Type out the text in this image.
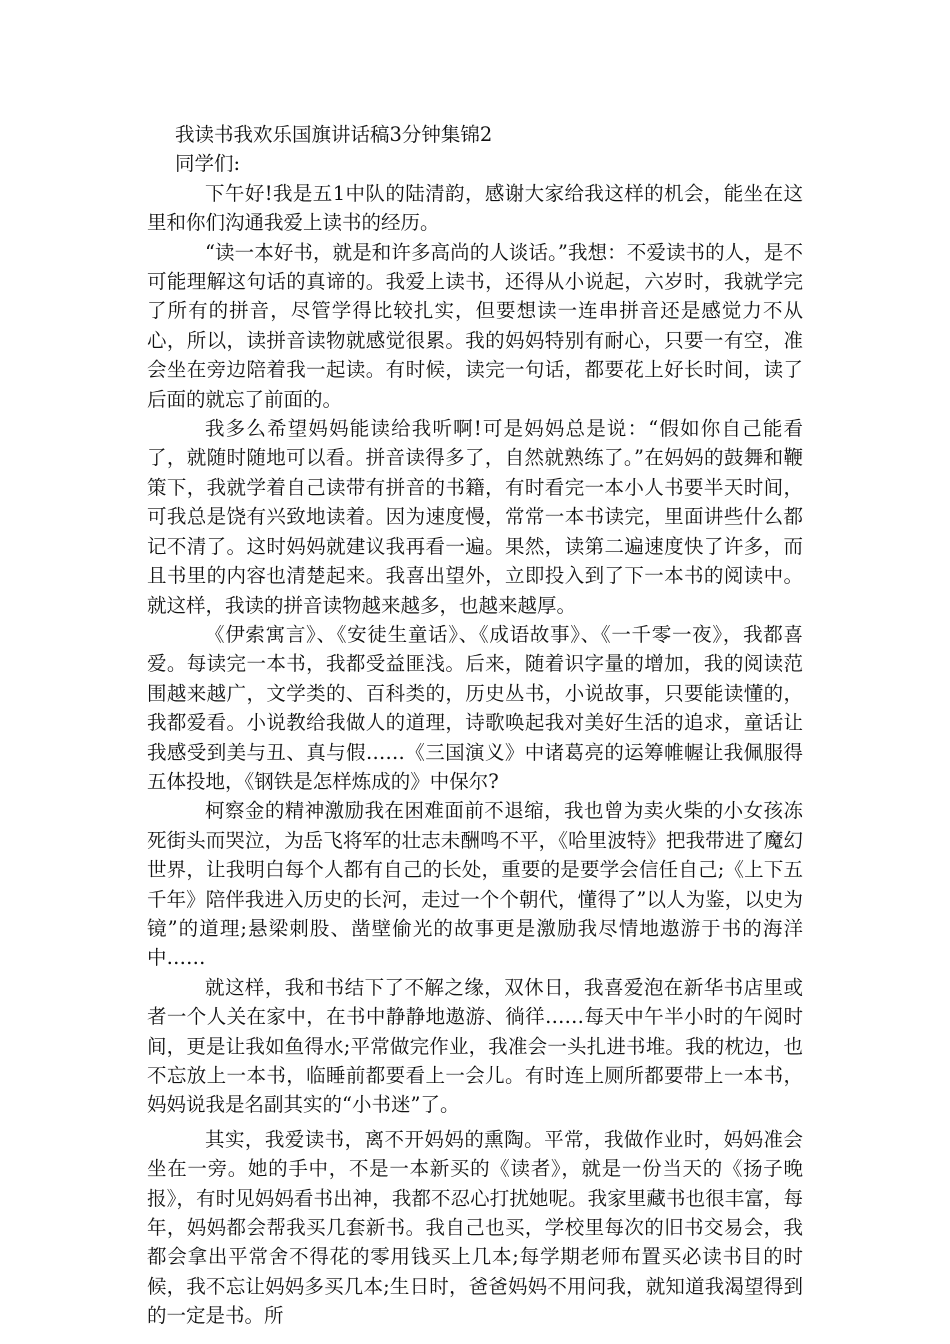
我读书我欢乐国旗讲话稿3分钟集锦2
同学们:

下午好!我是五1中队的陆清韵，感谢大家给我这样的机会，能坐在这里和你们沟通我爱上读书的经历。

“读一本好书，就是和许多高尚的人谈话。”我想：不爱读书的人，是不可能理解这句话的真谛的。我爱上读书，还得从小说起，六岁时，我就学完了所有的拼音，尽管学得比较扎实，但要想读一连串拼音还是感觉力不从心，所以，读拼音读物就感觉很累。我的妈妈特别有耐心，只要一有空，准会坐在旁边陪着我一起读。有时候，读完一句话，都要花上好长时间，读了后面的就忘了前面的。

我多么希望妈妈能读给我听啊!可是妈妈总是说：“假如你自己能看了，就随时随地可以看。拼音读得多了，自然就熟练了。”在妈妈的鼓舞和鞭策下，我就学着自己读带有拼音的书籍，有时看完一本小人书要半天时间，可我总是饶有兴致地读着。因为速度慢，常常一本书读完，里面讲些什么都记不清了。这时妈妈就建议我再看一遍。果然，读第二遍速度快了许多，而且书里的内容也清楚起来。我喜出望外，立即投入到了下一本书的阅读中。就这样，我读的拼音读物越来越多，也越来越厚。

《伊索寓言》、《安徒生童话》、《成语故事》、《一千零一夜》，我都喜爱。每读完一本书，我都受益匪浅。后来，随着识字量的增加，我的阅读范围越来越广，文学类的、百科类的，历史丛书，小说故事，只要能读懂的，我都爱看。小说教给我做人的道理，诗歌唤起我对美好生活的追求，童话让我感受到美与丑、真与假……《三国演义》中诸葛亮的运筹帷幄让我佩服得五体投地，《钢铁是怎样炼成的》中保尔?

柯察金的精神激励我在困难面前不退缩，我也曾为卖火柴的小女孩冻死街头而哭泣，为岳飞将军的壮志未酬鸣不平，《哈里波特》把我带进了魔幻世界，让我明白每个人都有自己的长处，重要的是要学会信任自己;《上下五千年》陪伴我进入历史的长河，走过一个个朝代，懂得了”以人为鉴，以史为镜”的道理;悬梁刺股、凿壁偷光的故事更是激励我尽情地遨游于书的海洋中……

就这样，我和书结下了不解之缘，双休日，我喜爱泡在新华书店里或者一个人关在家中，在书中静静地遨游、徜徉……每天中午半小时的午阅时间，更是让我如鱼得水;平常做完作业，我准会一头扎进书堆。我的枕边，也不忘放上一本书，临睡前都要看上一会儿。有时连上厕所都要带上一本书，妈妈说我是名副其实的“小书迷”了。

其实，我爱读书，离不开妈妈的熏陶。平常，我做作业时，妈妈准会坐在一旁。她的手中，不是一本新买的《读者》，就是一份当天的《扬子晚报》，有时见妈妈看书出神，我都不忍心打扰她呢。我家里藏书也很丰富，每年，妈妈都会帮我买几套新书。我自己也买，学校里每次的旧书交易会，我都会拿出平常舍不得花的零用钱买上几本;每学期老师布置买必读书目的时候，我不忘让妈妈多买几本;生日时，爸爸妈妈不用问我，就知道我渴望得到的一定是书。所
